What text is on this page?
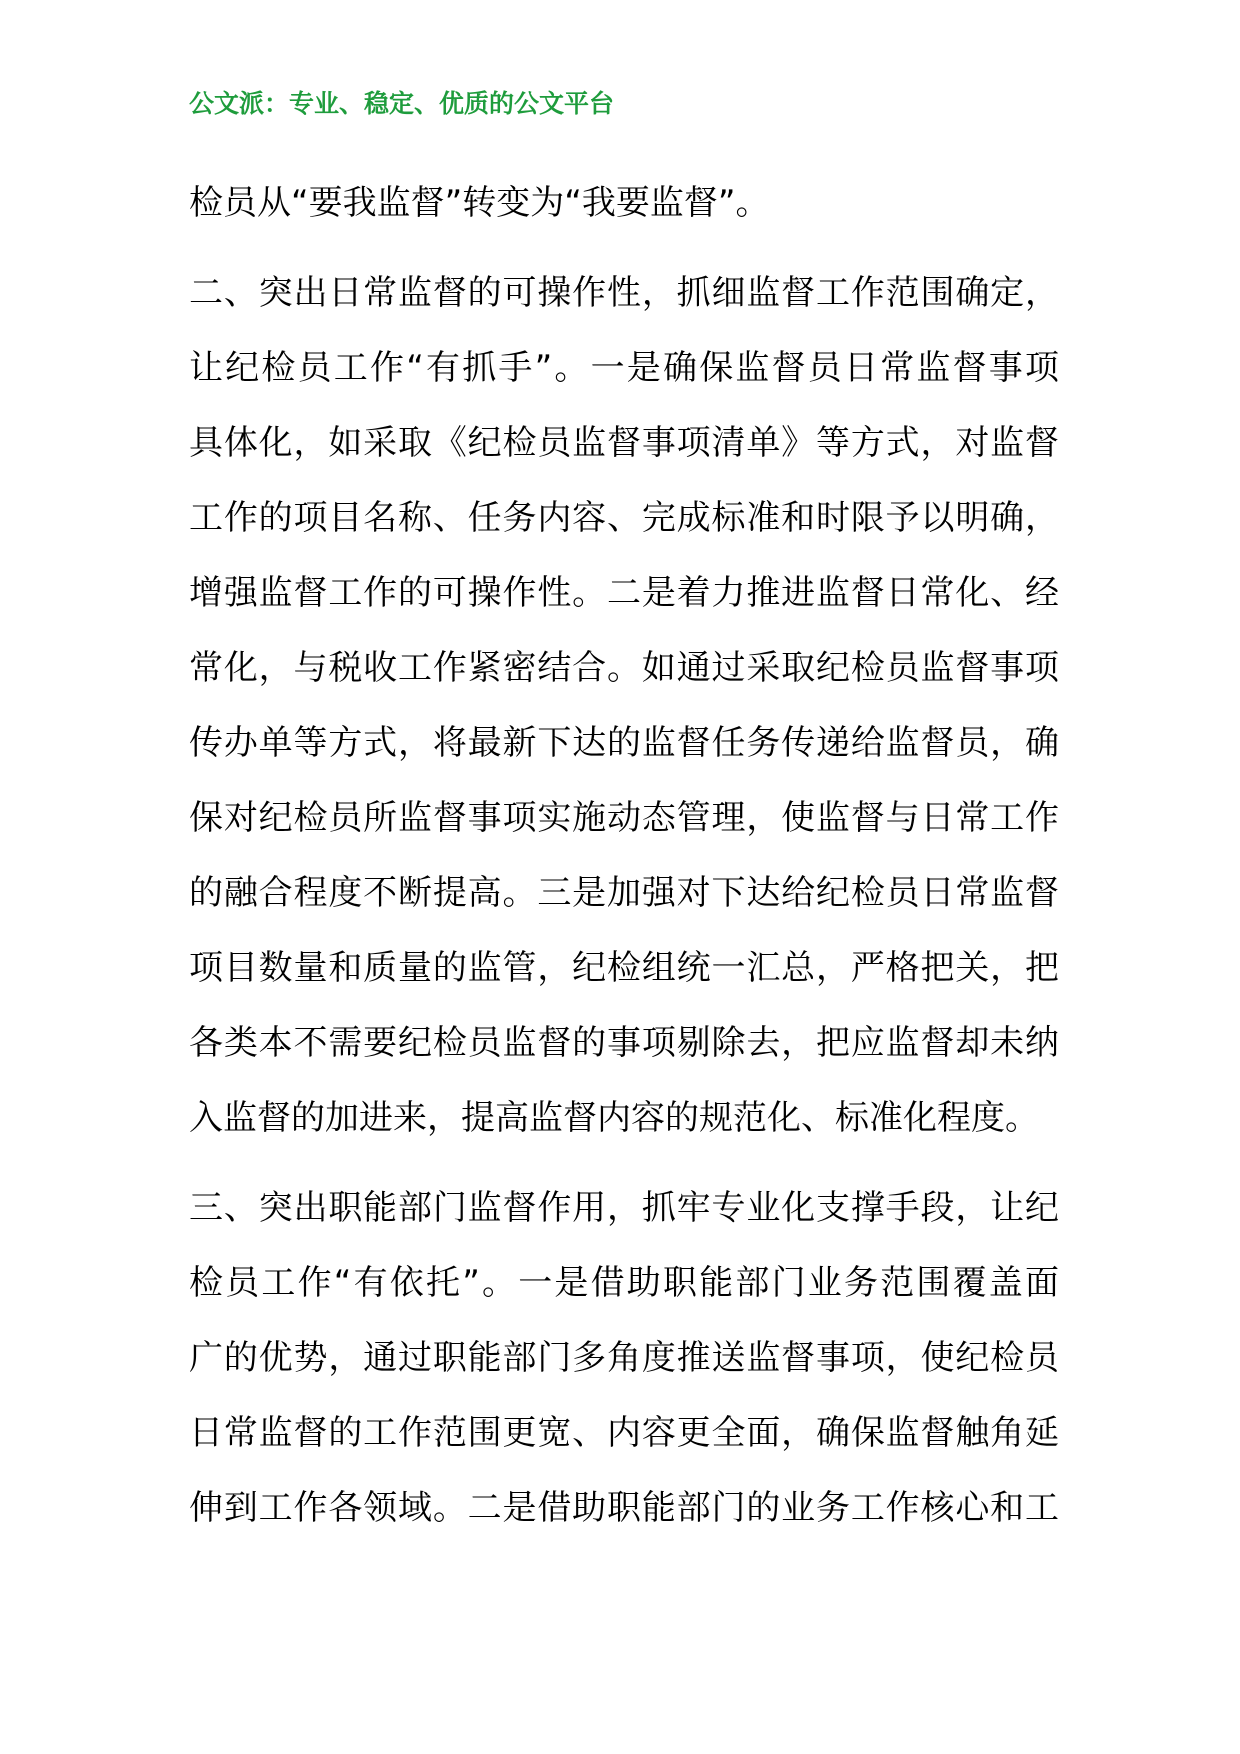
公文派：专业、稳定、优质的公文平台
检员从“要我监督”转变为“我要监督”。
二、突出日常监督的可操作性，抓细监督工作范围确定，
让纪检员工作“有抓手”。一是确保监督员日常监督事项
具体化，如采取《纪检员监督事项清单》等方式，对监督
工作的项目名称、任务内容、完成标准和时限予以明确，
增强监督工作的可操作性。二是着力推进监督日常化、经
常化，与税收工作紧密结合。如通过采取纪检员监督事项
传办单等方式，将最新下达的监督任务传递给监督员，确
保对纪检员所监督事项实施动态管理，使监督与日常工作
的融合程度不断提高。三是加强对下达给纪检员日常监督
项目数量和质量的监管，纪检组统一汇总，严格把关，把
各类本不需要纪检员监督的事项剔除去，把应监督却未纳
入监督的加进来，提高监督内容的规范化、标准化程度。
三、突出职能部门监督作用，抓牢专业化支撑手段，让纪
检员工作“有依托”。一是借助职能部门业务范围覆盖面
广的优势，通过职能部门多角度推送监督事项，使纪检员
日常监督的工作范围更宽、内容更全面，确保监督触角延
伸到工作各领域。二是借助职能部门的业务工作核心和工
